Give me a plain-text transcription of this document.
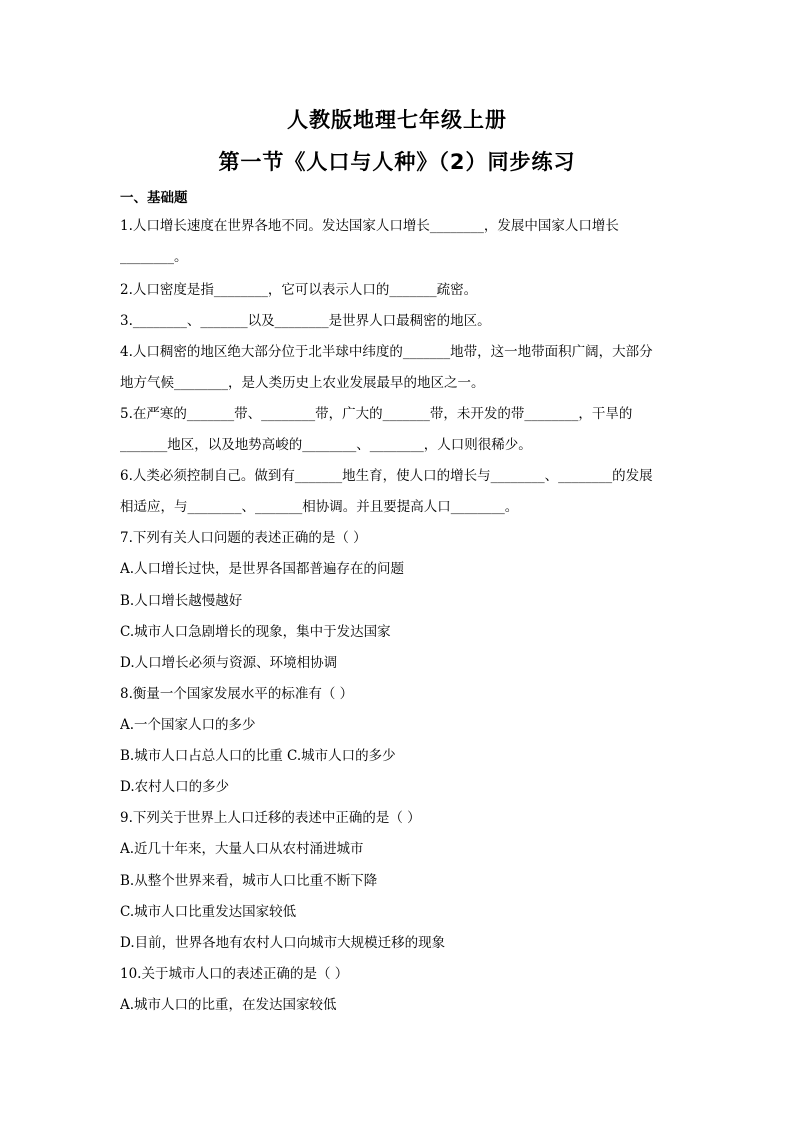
人教版地理七年级上册
第一节《人口与人种》（2）同步练习
一、基础题
1.人口增长速度在世界各地不同。发达国家人口增长________，发展中国家人口增长
________。
2.人口密度是指________，它可以表示人口的_______疏密。
3.________、_______以及________是世界人口最稠密的地区。
4.人口稠密的地区绝大部分位于北半球中纬度的_______地带，这一地带面积广阔，大部分
地方气候________，是人类历史上农业发展最早的地区之一。
5.在严寒的_______带、________带，广大的_______带，未开发的带________，干旱的
_______地区，以及地势高峻的________、________，人口则很稀少。
6.人类必须控制自己。做到有_______地生育，使人口的增长与________、________的发展
相适应，与________、_______相协调。并且要提高人口________。
7.下列有关人口问题的表述正确的是（ ）
A.人口增长过快，是世界各国都普遍存在的问题
B.人口增长越慢越好
C.城市人口急剧增长的现象，集中于发达国家
D.人口增长必须与资源、环境相协调
8.衡量一个国家发展水平的标准有（ ）
A.一个国家人口的多少
B.城市人口占总人口的比重 C.城市人口的多少
D.农村人口的多少
9.下列关于世界上人口迁移的表述中正确的是（ ）
A.近几十年来，大量人口从农村涌进城市
B.从整个世界来看，城市人口比重不断下降
C.城市人口比重发达国家较低
D.目前，世界各地有农村人口向城市大规模迁移的现象
10.关于城市人口的表述正确的是（ ）
A.城市人口的比重，在发达国家较低
